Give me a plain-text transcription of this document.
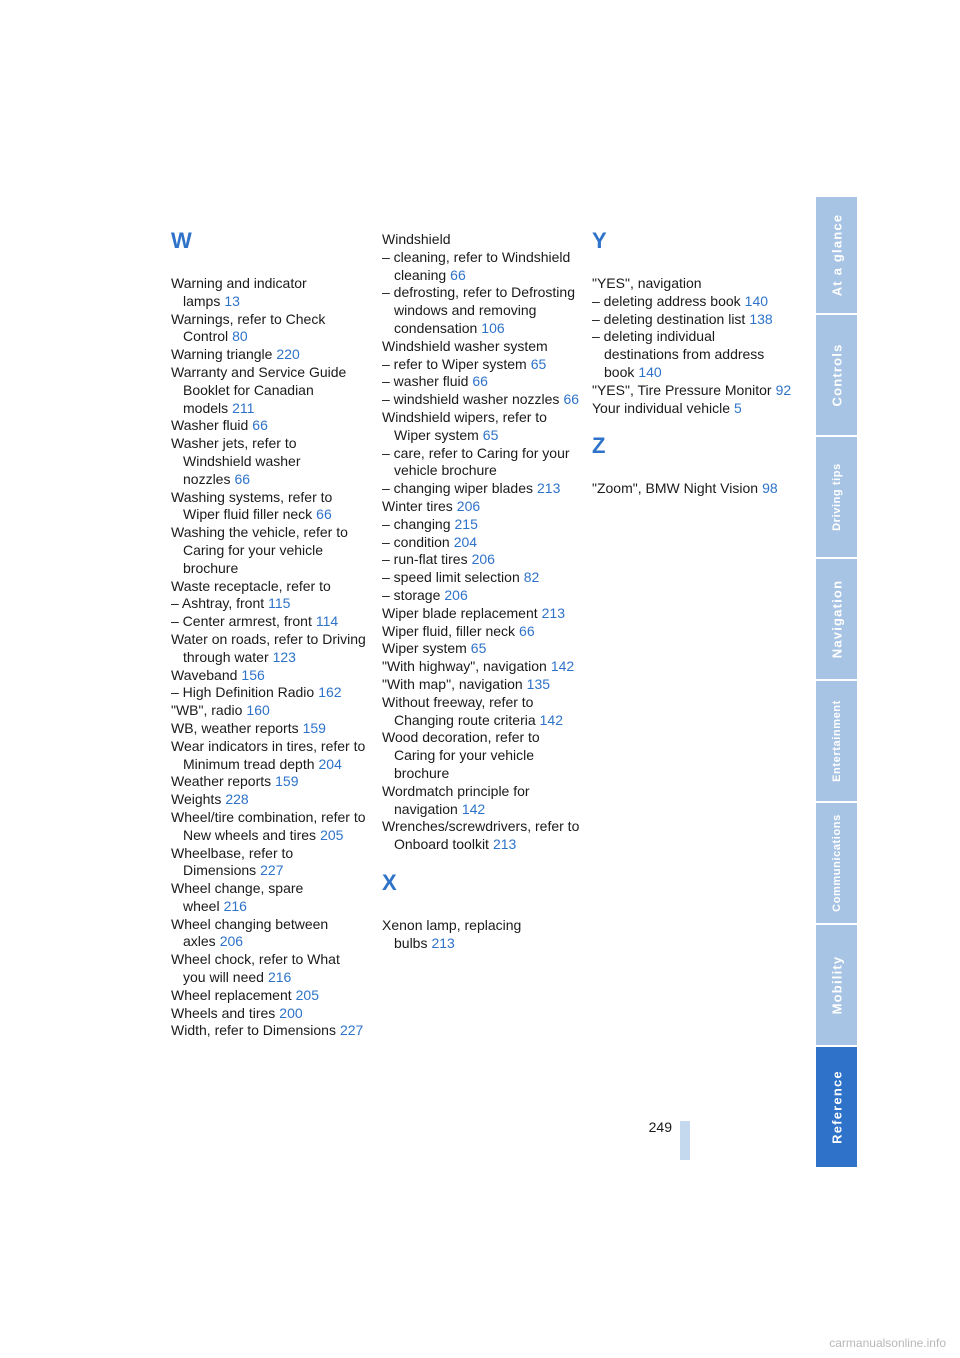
W
Warning and indicator lamps 13
Warnings, refer to Check Control 80
Warning triangle 220
Warranty and Service Guide Booklet for Canadian models 211
Washer fluid 66
Washer jets, refer to Windshield washer nozzles 66
Washing systems, refer to Wiper fluid filler neck 66
Washing the vehicle, refer to Caring for your vehicle brochure
Waste receptacle, refer to
– Ashtray, front 115
– Center armrest, front 114
Water on roads, refer to Driving through water 123
Waveband 156
– High Definition Radio 162
"WB", radio 160
WB, weather reports 159
Wear indicators in tires, refer to Minimum tread depth 204
Weather reports 159
Weights 228
Wheel/tire combination, refer to New wheels and tires 205
Wheelbase, refer to Dimensions 227
Wheel change, spare wheel 216
Wheel changing between axles 206
Wheel chock, refer to What you will need 216
Wheel replacement 205
Wheels and tires 200
Width, refer to Dimensions 227
Windshield
– cleaning, refer to Windshield cleaning 66
– defrosting, refer to Defrosting windows and removing condensation 106
Windshield washer system
– refer to Wiper system 65
– washer fluid 66
– windshield washer nozzles 66
Windshield wipers, refer to Wiper system 65
– care, refer to Caring for your vehicle brochure
– changing wiper blades 213
Winter tires 206
– changing 215
– condition 204
– run-flat tires 206
– speed limit selection 82
– storage 206
Wiper blade replacement 213
Wiper fluid, filler neck 66
Wiper system 65
"With highway", navigation 142
"With map", navigation 135
Without freeway, refer to Changing route criteria 142
Wood decoration, refer to Caring for your vehicle brochure
Wordmatch principle for navigation 142
Wrenches/screwdrivers, refer to Onboard toolkit 213
X
Xenon lamp, replacing bulbs 213
Y
"YES", navigation
– deleting address book 140
– deleting destination list 138
– deleting individual destinations from address book 140
"YES", Tire Pressure Monitor 92
Your individual vehicle 5
Z
"Zoom", BMW Night Vision 98
At a glance
Controls
Driving tips
Navigation
Entertainment
Communications
Mobility
Reference
249
carmanualsonline.info
